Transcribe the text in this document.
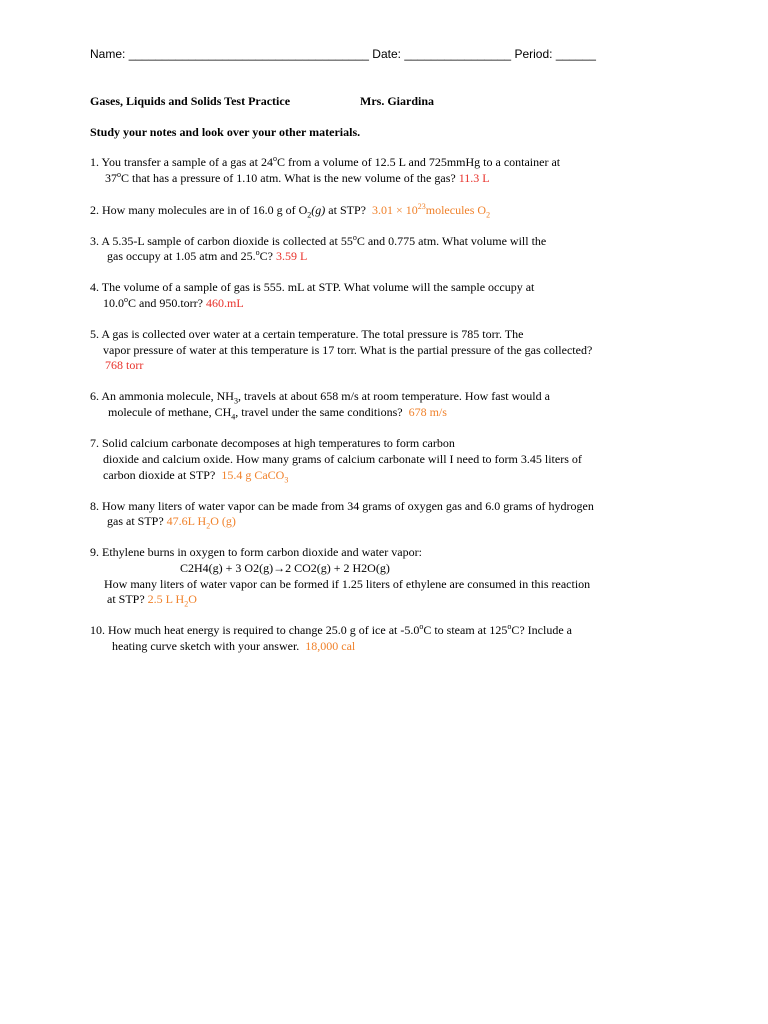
Name: ____________________________________ Date: ________________ Period: ______
Gases, Liquids and Solids Test Practice	Mrs. Giardina
Study your notes and look over your other materials.
1. You transfer a sample of a gas at 24$^o$C from a volume of 12.5 L and 725mmHg to a container at
37$^o$C that has a pressure of 1.10 atm. What is the new volume of the gas? 11.3 L
2. How many molecules are in of 16.0 g of $O_2(g)$ at STP? $3.01 \times 10^{23}molecules$ $O_2$
3. A 5.35-L sample of carbon dioxide is collected at 55$^o$C and 0.775 atm. What volume will the
gas occupy at 1.05 atm and 25.$^o$C? 3.59 L
4. The volume of a sample of gas is 555. mL at STP. What volume will the sample occupy at
10.0$^o$C and 950.torr? 460.mL
5. A gas is collected over water at a certain temperature. The total pressure is 785 torr. The
vapor pressure of water at this temperature is 17 torr. What is the partial pressure of the gas collected?
768 torr
6. An ammonia molecule, $NH_3$, travels at about 658 m/s at room temperature. How fast would a
molecule of methane, $CH_4$, travel under the same conditions? 678 m/s
7. Solid calcium carbonate decomposes at high temperatures to form carbon
dioxide and calcium oxide. How many grams of calcium carbonate will I need to form 3.45 liters of
carbon dioxide at STP? 15.4 g CaCO$_3$
8. How many liters of water vapor can be made from 34 grams of oxygen gas and 6.0 grams of hydrogen
gas at STP? 47.6L $H_2O$ (g)
9. Ethylene burns in oxygen to form carbon dioxide and water vapor:
C2H4(g) + 3 O2(g)→2 CO2(g) + 2 H2O(g)
How many liters of water vapor can be formed if 1.25 liters of ethylene are consumed in this reaction
at STP? 2.5 L $H_2O$
10. How much heat energy is required to change 25.0 g of ice at -5.0$^o$C to steam at 125$^o$C? Include a
heating curve sketch with your answer. 18,000 cal
